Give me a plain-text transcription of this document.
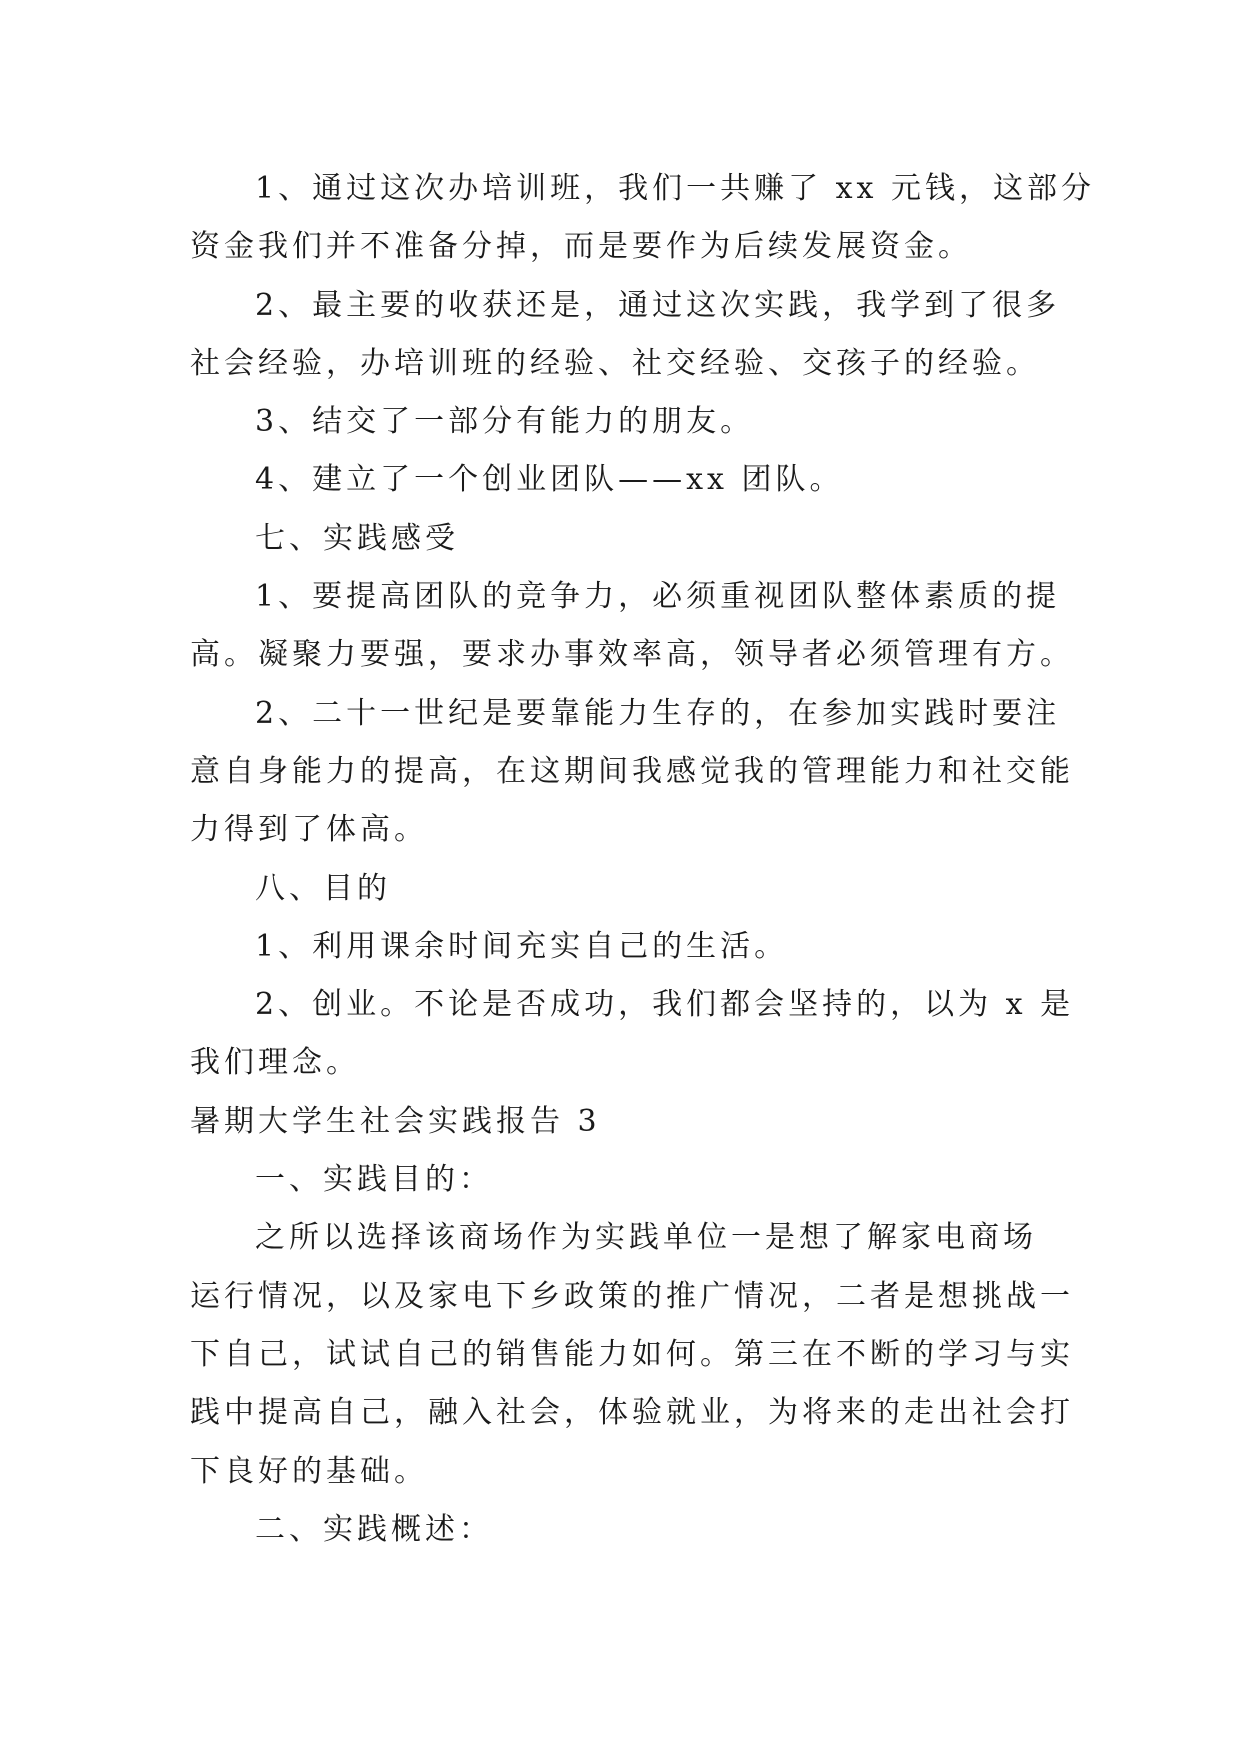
1、通过这次办培训班，我们一共赚了 xx 元钱，这部分
资金我们并不准备分掉，而是要作为后续发展资金。
2、最主要的收获还是，通过这次实践，我学到了很多
社会经验，办培训班的经验、社交经验、交孩子的经验。
3、结交了一部分有能力的朋友。
4、建立了一个创业团队——xx 团队。
七、实践感受
1、要提高团队的竞争力，必须重视团队整体素质的提
高。凝聚力要强，要求办事效率高，领导者必须管理有方。
2、二十一世纪是要靠能力生存的，在参加实践时要注
意自身能力的提高，在这期间我感觉我的管理能力和社交能
力得到了体高。
八、目的
1、利用课余时间充实自己的生活。
2、创业。不论是否成功，我们都会坚持的，以为 x 是
我们理念。
暑期大学生社会实践报告 3
一、实践目的：
之所以选择该商场作为实践单位一是想了解家电商场
运行情况，以及家电下乡政策的推广情况，二者是想挑战一
下自己，试试自己的销售能力如何。第三在不断的学习与实
践中提高自己，融入社会，体验就业，为将来的走出社会打
下良好的基础。
二、实践概述：
